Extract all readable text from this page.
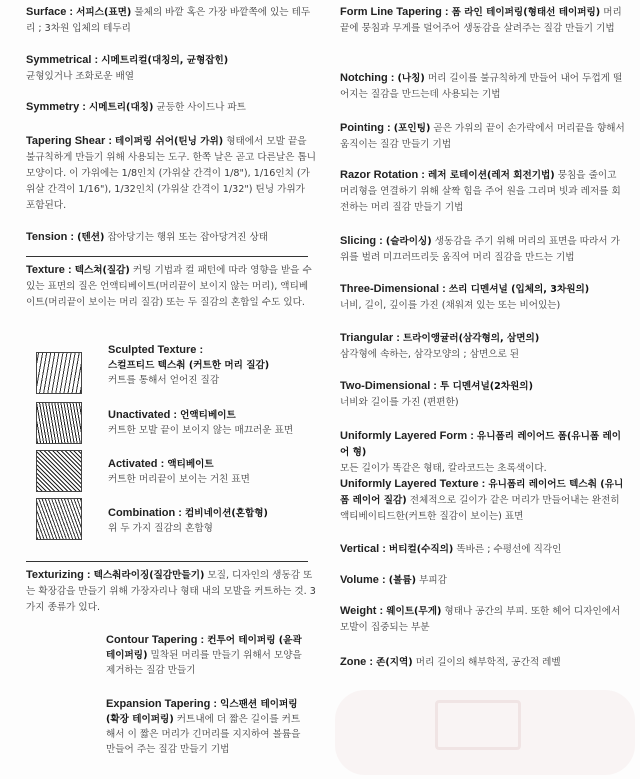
Surface : 서피스(표면) 물체의 바깥 혹은 가장 바깥쪽에 있는 테두리 ; 3차원 입체의 테두리
Symmetrical : 시메트리컬(대칭의, 균형잡힌)
균형있거나 조화로운 배열
Symmetry : 시메트리(대칭) 균등한 사이드나 파트
Tapering Shear : 테이퍼링 쉬어(틴닝 가위) 형태에서 모발 끝을 불규칙하게 만들기 위해 사용되는 도구. 한쪽 날은 곧고 다른날은 톱니모양이다. 이 가위에는 1/8인치 (가위살 간격이 1/8"), 1/16인치 (가위살 간격이 1/16"), 1/32인치 (가위살 간격이 1/32") 틴닝 가위가 포함된다.
Tension : (텐션) 잡아당기는 행위 또는 잡아당겨진 상태
Texture : 텍스쳐(질감) 커팅 기법과 컬 패턴에 따라 영향을 받을 수 있는 표면의 질은 언액티베이트(머리끝이 보이지 않는 머리), 액티베이트(머리끝이 보이는 머리 질감) 또는 두 질감의 혼합일 수도 있다.
Sculpted Texture :
스컬프티드 텍스춰 (커트한 머리 질감)
커트를 통해서 얻어진 질감
Unactivated : 언액티베이트
커트한 모발 끝이 보이지 않는 매끄러운 표면
Activated : 액티베이트
커트한 머리끝이 보이는 거친 표면
Combination : 컴비네이션(혼합형)
위 두 가지 질감의 혼합형
Texturizing : 텍스춰라이징(질감만들기) 모질, 디자인의 생동감 또는 확장감을 만들기 위해 가장자리나 형태 내의 모발을 커트하는 것. 3 가지 종류가 있다.
Contour Tapering : 컨투어 테이퍼링 (윤곽 테이퍼링) 밀착된 머리를 만들기 위해서 모양을 제거하는 질감 만들기
Expansion Tapering : 익스팬션 테이퍼링 (확장 테이퍼링) 커트내에 더 짧은 길이를 커트해서 이 짧은 머리가 긴머리를 지지하여 볼륨을 만들어 주는 질감 만들기 기법
Form Line Tapering : 폼 라인 테이퍼링(형태선 테이퍼링) 머리끝에 뭉침과 무게를 덜어주어 생동감을 살려주는 질감 만들기 기법
Notching : (나칭) 머리 길이를 불규칙하게 만들어 내어 두껍게 떨어지는 질감을 만드는데 사용되는 기법
Pointing : (포인팅) 곧은 가위의 끝이 손가락에서 머리끝을 향해서 움직이는 질감 만들기 기법
Razor Rotation : 레저 로테이션(레저 회전기법) 뭉침을 줄이고 머리형을 연결하기 위해 살짝 힘을 주어 원을 그리며 빗과 레저를 회전하는 머리 질감 만들기 기법
Slicing : (슬라이싱) 생동감을 주기 위해 머리의 표면을 따라서 가위를 벌려 미끄러뜨리듯 움직여 머리 질감을 만드는 기법
Three-Dimensional : 쓰리 디멘셔널 (입체의, 3차원의)
너비, 길이, 깊이를 가진 (채워져 있는 또는 비어있는)
Triangular : 트라이앵귤러(삼각형의, 삼면의)
삼각형에 속하는, 삼각모양의 ; 삼면으로 된
Two-Dimensional : 투 디멘셔널(2차원의)
너비와 길이를 가진 (편편한)
Uniformly Layered Form : 유니폼리 레이어드 폼(유니폼 레이어 형)
모든 길이가 똑같은 형태, 칼라코드는 초록색이다.
Uniformly Layered Texture : 유니폼리 레이어드 텍스춰 (유니폼 레이어 질감) 전체적으로 길이가 같은 머리가 만들어내는 완전히 액티베이티드한(커트한 질감이 보이는) 표면
Vertical : 버티컬(수직의) 똑바른 ; 수평선에 직각인
Volume : (볼륨) 부피감
Weight : 웨이트(무게) 형태나 공간의 부피. 또한 헤어 디자인에서 모발이 집중되는 부분
Zone : 존(지역) 머리 길이의 해부학적, 공간적 레벨
